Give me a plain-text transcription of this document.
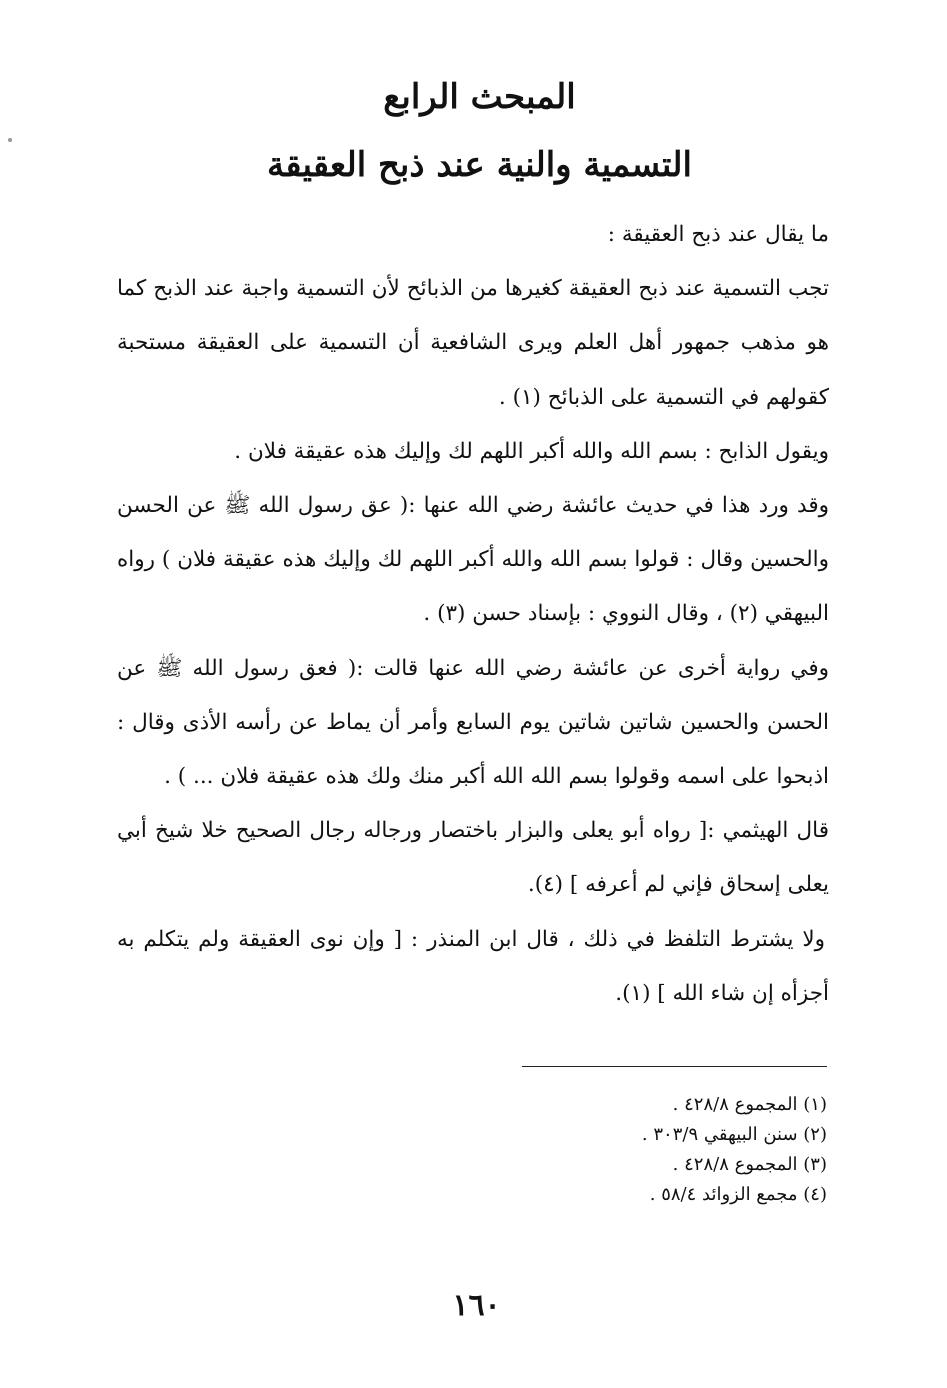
المبحث الرابع
التسمية والنية عند ذبح العقيقة

ما يقال عند ذبح العقيقة :

تجب التسمية عند ذبح العقيقة كغيرها من الذبائح لأن التسمية واجبة عند الذبح كما هو مذهب جمهور أهل العلم ويرى الشافعية أن التسمية على العقيقة مستحبة كقولهم في التسمية على الذبائح (١) .

ويقول الذابح : بسم الله والله أكبر اللهم لك وإليك هذه عقيقة فلان .

وقد ورد هذا في حديث عائشة رضي الله عنها :( عق رسول الله ﷺ عن الحسن والحسين وقال : قولوا بسم الله والله أكبر اللهم لك وإليك هذه عقيقة فلان ) رواه البيهقي (٢) ، وقال النووي : بإسناد حسن (٣) .

وفي رواية أخرى عن عائشة رضي الله عنها قالت :( فعق رسول الله ﷺ عن الحسن والحسين شاتين شاتين يوم السابع وأمر أن يماط عن رأسه الأذى وقال : اذبحوا على اسمه وقولوا بسم الله الله أكبر منك ولك هذه عقيقة فلان ... ) .

قال الهيثمي :[ رواه أبو يعلى والبزار باختصار ورجاله رجال الصحيح خلا شيخ أبي يعلى إسحاق فإني لم أعرفه ] (٤).

ولا يشترط التلفظ في ذلك ، قال ابن المنذر : [ وإن نوى العقيقة ولم يتكلم به أجزأه إن شاء الله ] (١).

(١) المجموع ٤٢٨/٨ .
(٢) سنن البيهقي ٣٠٣/٩ .
(٣) المجموع ٤٢٨/٨ .
(٤) مجمع الزوائد ٥٨/٤ .
١٦٠
